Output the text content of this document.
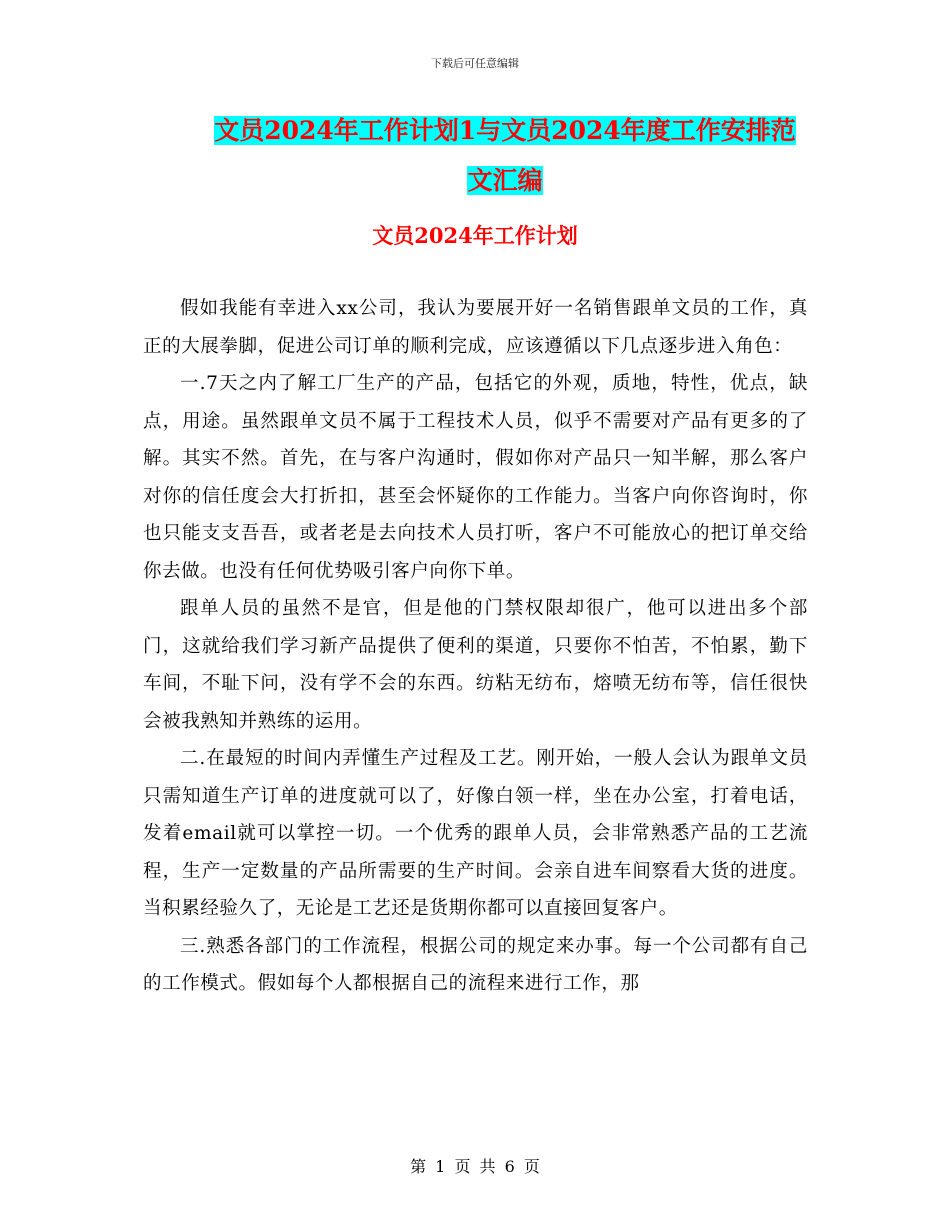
下载后可任意编辑
文员2024年工作计划1与文员2024年度工作安排范
文汇编
文员2024年工作计划

假如我能有幸进入xx公司，我认为要展开好一名销售跟单文员的工作，真正的大展拳脚，促进公司订单的顺利完成，应该遵循以下几点逐步进入角色：

一.7天之内了解工厂生产的产品，包括它的外观，质地，特性，优点，缺点，用途。虽然跟单文员不属于工程技术人员，似乎不需要对产品有更多的了解。其实不然。首先，在与客户沟通时，假如你对产品只一知半解，那么客户对你的信任度会大打折扣，甚至会怀疑你的工作能力。当客户向你咨询时，你也只能支支吾吾，或者老是去向技术人员打听，客户不可能放心的把订单交给你去做。也没有任何优势吸引客户向你下单。

跟单人员的虽然不是官，但是他的门禁权限却很广，他可以进出多个部门，这就给我们学习新产品提供了便利的渠道，只要你不怕苦，不怕累，勤下车间，不耻下问，没有学不会的东西。纺粘无纺布，熔喷无纺布等，信任很快会被我熟知并熟练的运用。

二.在最短的时间内弄懂生产过程及工艺。刚开始，一般人会认为跟单文员只需知道生产订单的进度就可以了，好像白领一样，坐在办公室，打着电话，发着email就可以掌控一切。一个优秀的跟单人员，会非常熟悉产品的工艺流程，生产一定数量的产品所需要的生产时间。会亲自进车间察看大货的进度。当积累经验久了，无论是工艺还是货期你都可以直接回复客户。

三.熟悉各部门的工作流程，根据公司的规定来办事。每一个公司都有自己的工作模式。假如每个人都根据自己的流程来进行工作，那

第 1 页 共 6 页
